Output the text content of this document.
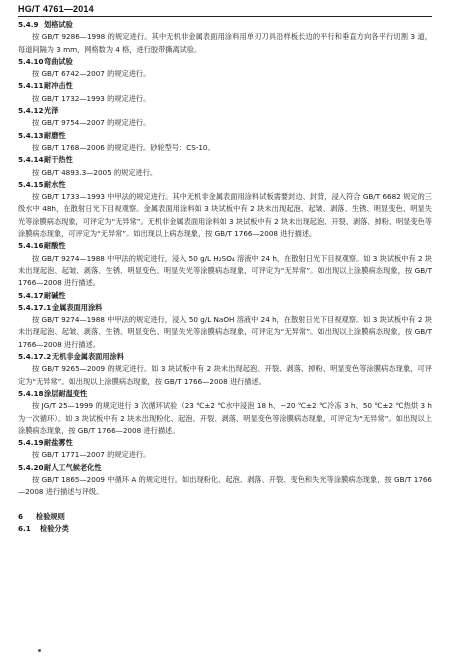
HG/T 4761—2014
5.4.9 划格试验
按 GB/T 9286—1998 的规定进行。其中无机非金属表面用涂料用单刃刀具沿样板长边的平行和垂直方向各平行切割 3 道，每道间隔为 3 mm，网格数为 4 格，进行胶带撕离试验。
5.4.10弯曲试验
按 GB/T 6742—2007 的规定进行。
5.4.11耐冲击性
按 GB/T 1732—1993 的规定进行。
5.4.12光泽
按 GB/T 9754—2007 的规定进行。
5.4.13耐磨性
按 GB/T 1768—2006 的规定进行。砂轮型号：CS-10。
5.4.14耐干热性
按 GB/T 4893.3—2005 的规定进行。
5.4.15耐水性
按 GB/T 1733—1993 中甲法的规定进行。其中无机非金属表面用涂料试板需要封边、封背，浸入符合 GB/T 6682 规定的三级水中 48h，在散射日光下目视观察。金属表面用涂料如 3 块试板中有 2 块未出现起泡、起皱、剥落、生锈、明显变色、明显失光等涂膜病态现象，可评定为“无异常”。无机非金属表面用涂料如 3 块试板中有 2 块未出现起泡、开裂、剥落、掉粉、明显变色等涂膜病态现象，可评定为“无异常”。如出现以上病态现象，按 GB/T 1766—2008 进行描述。
5.4.16耐酸性
按 GB/T 9274—1988 中甲法的规定进行，浸入 50 g/L H₂SO₄ 溶液中 24 h，在散射日光下目视观察。如 3 块试板中有 2 块未出现起泡、起皱、剥落、生锈、明显变色、明显失光等涂膜病态现象，可评定为“无异常”。如出现以上涂膜病态现象，按 GB/T 1766—2008 进行描述。
5.4.17耐碱性
5.4.17.1金属表面用涂料
按 GB/T 9274—1988 中甲法的规定进行，浸入 50 g/L NaOH 溶液中 24 h，在散射日光下目视观察。如 3 块试板中有 2 块未出现起泡、起皱、剥落、生锈、明显变色、明显失光等涂膜病态现象，可评定为“无异常”。如出现以上涂膜病态现象，按 GB/T 1766—2008 进行描述。
5.4.17.2无机非金属表面用涂料
按 GB/T 9265—2009 的规定进行。如 3 块试板中有 2 块未出现起泡、开裂、剥落、掉粉、明显变色等涂膜病态现象，可评定为“无异常”。如出现以上涂膜病态现象，按 GB/T 1766—2008 进行描述。
5.4.18涂层耐温变性
按 JG/T 25—1999 的规定进行 3 次循环试验（23 ℃±2 ℃水中浸泡 18 h、−20 ℃±2 ℃冷冻 3 h、50 ℃±2 ℃热烘 3 h 为一次循环）。如 3 块试板中有 2 块未出现粉化、起泡、开裂、剥落、明显变色等涂膜病态现象，可评定为“无异常”。如出现以上涂膜病态现象，按 GB/T 1766—2008 进行描述。
5.4.19耐盐雾性
按 GB/T 1771—2007 的规定进行。
5.4.20耐人工气候老化性
按 GB/T 1865—2009 中循环 A 的规定进行。如出现粉化、起泡、剥落、开裂、变色和失光等涂膜病态现象，按 GB/T 1766—2008 进行描述与评级。
6 检验规则
6.1 检验分类
